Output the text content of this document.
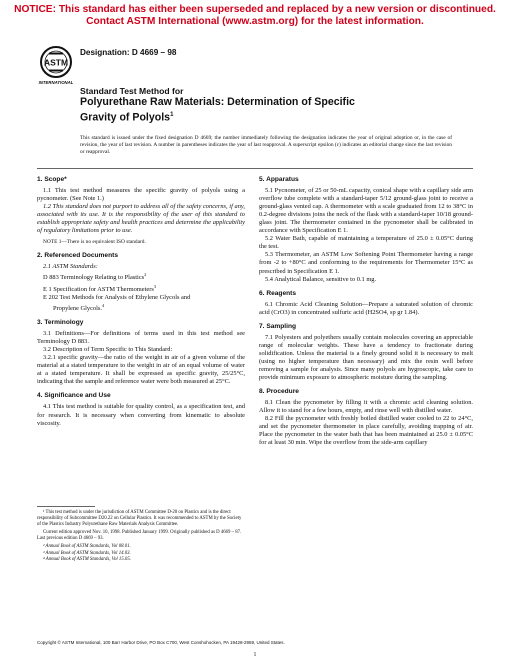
NOTICE: This standard has either been superseded and replaced by a new version or discontinued.
Contact ASTM International (www.astm.org) for the latest information.
ASTM
INTERNATIONAL
Designation: D 4669 – 98
Standard Test Method for
Polyurethane Raw Materials: Determination of Specific
Gravity of Polyols$^1$
This standard is issued under the fixed designation D 4669; the number immediately following the designation indicates the year of original adoption or, in the case of revision, the year of last revision. A number in parentheses indicates the year of last reapproval. A superscript epsilon (ε) indicates an editorial change since the last revision or reapproval.

1. Scope*

1.1 This test method measures the specific gravity of polyols using a pycnometer. (See Note 1.)

1.2 This standard does not purport to address all of the safety concerns, if any, associated with its use. It is the responsibility of the user of this standard to establish appropriate safety and health practices and determine the applicability of regulatory limitations prior to use.

NOTE 1—There is no equivalent ISO standard.

2. Referenced Documents

2.1 ASTM Standards:

D 883 Terminology Relating to Plastics$^2$

E 1 Specification for ASTM Thermometers$^3$

E 202 Test Methods for Analysis of Ethylene Glycols and

Propylene Glycols.$^4$

3. Terminology

3.1 Definitions—For definitions of terms used in this test method see Terminology D 883.

3.2 Description of Term Specific to This Standard:

3.2.1 specific gravity—the ratio of the weight in air of a given volume of the material at a stated temperature to the weight in air of an equal volume of water at a stated temperature. It shall be expressed as specific gravity, 25/25°C, indicating that the sample and reference water were both measured at 25°C.

4. Significance and Use

4.1 This test method is suitable for quality control, as a specification test, and for research. It is necessary when converting from kinematic to absolute viscosity.

¹ This test method is under the jurisdiction of ASTM Committee D-20 on Plastics and is the direct responsibility of Subcommittee D20.22 on Cellular Plastics. It was recommended to ASTM by the Society of the Plastics Industry Polyurethane Raw Materials Analysis Committee.

Current edition approved Nov. 10, 1998. Published January 1999. Originally published as D 4669 – 87. Last previous edition D 4669 – 93.

² Annual Book of ASTM Standards, Vol 08.01.

³ Annual Book of ASTM Standards, Vol 14.03.

⁴ Annual Book of ASTM Standards, Vol 15.05.

5. Apparatus

5.1 Pycnometer, of 25 or 50-mL capacity, conical shape with a capillary side arm overflow tube complete with a standard-taper 5/12 ground-glass joint to receive a ground-glass vented cap. A thermometer with a scale graduated from 12 to 38°C in 0.2-degree divisions joins the neck of the flask with a standard-taper 10/18 ground-glass joint. The thermometer contained in the pycnometer shall be calibrated in accordance with Specification E 1.

5.2 Water Bath, capable of maintaining a temperature of 25.0 ± 0.05°C during the test.

5.3 Thermometer, an ASTM Low Softening Point Thermometer having a range from -2 to +80°C and conforming to the requirements for Thermometer 15°C as prescribed in Specification E 1.

5.4 Analytical Balance, sensitive to 0.1 mg.

6. Reagents

6.1 Chromic Acid Cleaning Solution—Prepare a saturated solution of chromic acid (CrO3) in concentrated sulfuric acid (H2SO4, sp gr 1.84).

7. Sampling

7.1 Polyesters and polyethers usually contain molecules covering an appreciable range of molecular weights. These have a tendency to fractionate during solidification. Unless the material is a finely ground solid it is necessary to melt (using no higher temperature than necessary) and mix the resin well before removing a sample for analysis. Since many polyols are hygroscopic, take care to provide minimum exposure to atmospheric moisture during the sampling.

8. Procedure

8.1 Clean the pycnometer by filling it with a chromic acid cleaning solution. Allow it to stand for a few hours, empty, and rinse well with distilled water.

8.2 Fill the pycnometer with freshly boiled distilled water cooled to 22 to 24°C, and set the pycnometer thermometer in place carefully, avoiding trapping of air. Place the pycnometer in the water bath that has been maintained at 25.0 ± 0.05°C for at least 30 min. Wipe the overflow from the side-arm capillary

Copyright © ASTM International, 100 Barr Harbor Drive, PO Box C700, West Conshohocken, PA 19428-2959, United States.
1
